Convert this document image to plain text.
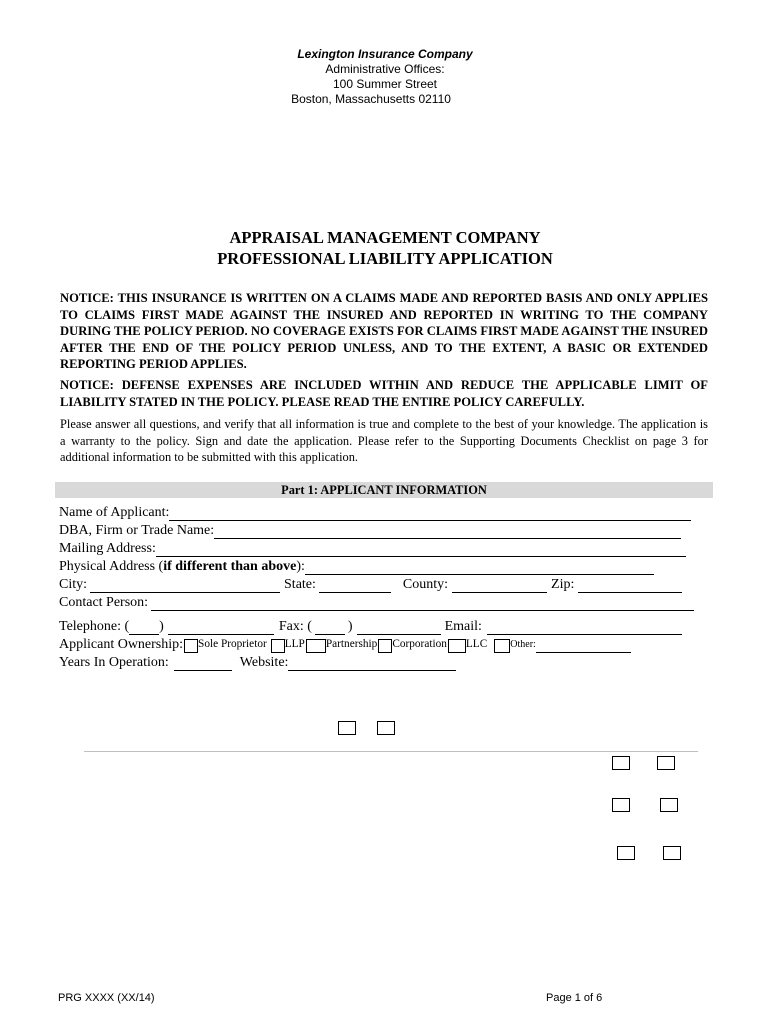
Lexington Insurance Company
Administrative Offices:
100 Summer Street
Boston, Massachusetts 02110
APPRAISAL MANAGEMENT COMPANY
PROFESSIONAL LIABILITY APPLICATION
NOTICE: THIS INSURANCE IS WRITTEN ON A CLAIMS MADE AND REPORTED BASIS AND ONLY APPLIES TO CLAIMS FIRST MADE AGAINST THE INSURED AND REPORTED IN WRITING TO THE COMPANY DURING THE POLICY PERIOD. NO COVERAGE EXISTS FOR CLAIMS FIRST MADE AGAINST THE INSURED AFTER THE END OF THE POLICY PERIOD UNLESS, AND TO THE EXTENT, A BASIC OR EXTENDED REPORTING PERIOD APPLIES.
NOTICE: DEFENSE EXPENSES ARE INCLUDED WITHIN AND REDUCE THE APPLICABLE LIMIT OF LIABILITY STATED IN THE POLICY. PLEASE READ THE ENTIRE POLICY CAREFULLY.
Please answer all questions, and verify that all information is true and complete to the best of your knowledge. The application is a warranty to the policy. Sign and date the application. Please refer to the Supporting Documents Checklist on page 3 for additional information to be submitted with this application.
Part 1: APPLICANT INFORMATION
Name of Applicant:
DBA, Firm or Trade Name:
Mailing Address:
Physical Address ( if different than above ):
City:	State:	County:	Zip:
Contact Person:
Telephone: ( )	Fax: (	)	Email:
Applicant Ownership: Sole Proprietor LLP Partnership Corporation LLC Other:
Years In Operation:	Website:
PRG XXXX (XX/14)	Page 1 of 6
